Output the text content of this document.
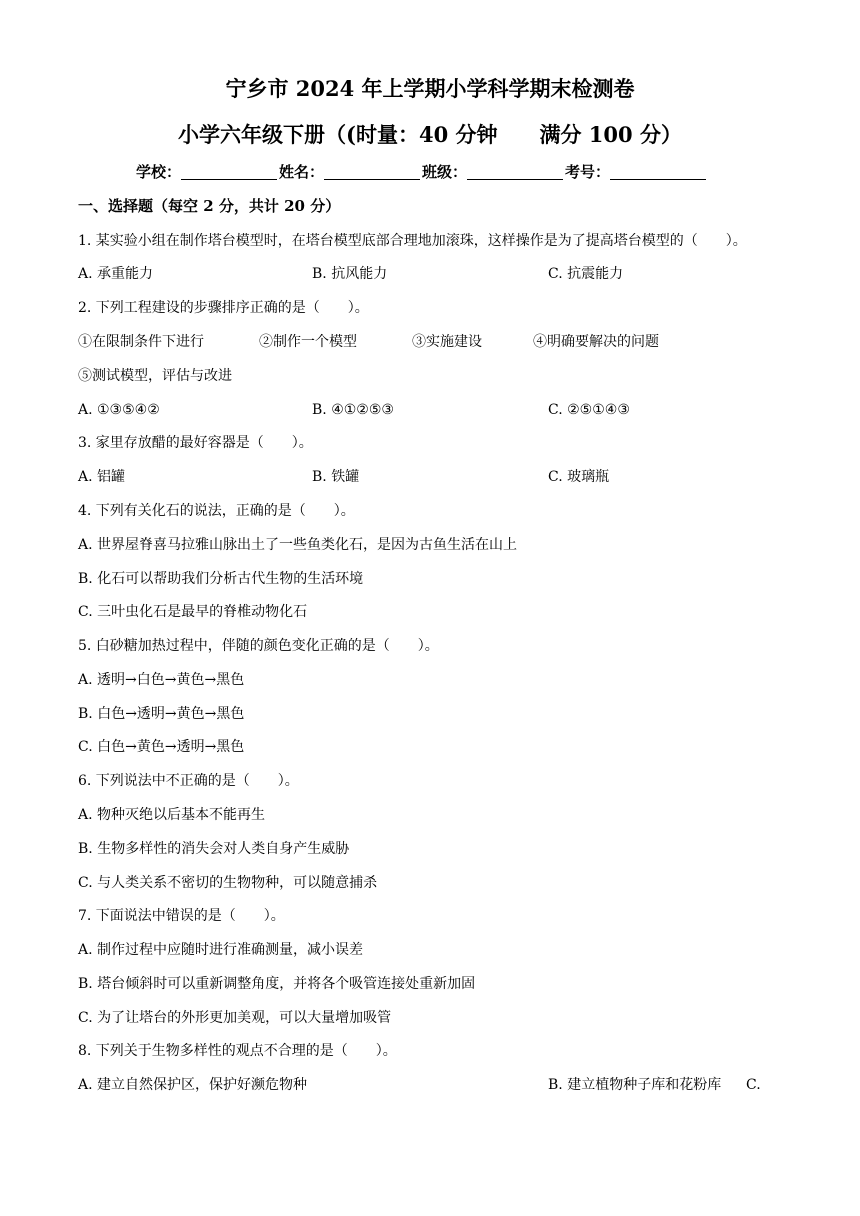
宁乡市 2024 年上学期小学科学期末检测卷
小学六年级下册（(时量：40 分钟　　满分 100 分）
学校：	姓名：	班级：	考号：
一、选择题（每空 2 分，共计 20 分）
1. 某实验小组在制作塔台模型时，在塔台模型底部合理地加滚珠，这样操作是为了提高塔台模型的（　　）。
A. 承重能力	B. 抗风能力	C. 抗震能力
2. 下列工程建设的步骤排序正确的是（　　）。
①在限制条件下进行	②制作一个模型	③实施建设	④明确要解决的问题
⑤测试模型，评估与改进
A. ①③⑤④②	B. ④①②⑤③	C. ②⑤①④③
3. 家里存放醋的最好容器是（　　）。
A. 铝罐	B. 铁罐	C. 玻璃瓶
4. 下列有关化石的说法，正确的是（　　）。
A. 世界屋脊喜马拉雅山脉出土了一些鱼类化石，是因为古鱼生活在山上
B. 化石可以帮助我们分析古代生物的生活环境
C. 三叶虫化石是最早的脊椎动物化石
5. 白砂糖加热过程中，伴随的颜色变化正确的是（　　）。
A. 透明→白色→黄色→黑色
B. 白色→透明→黄色→黑色
C. 白色→黄色→透明→黑色
6. 下列说法中不正确的是（　　）。
A. 物种灭绝以后基本不能再生
B. 生物多样性的消失会对人类自身产生威胁
C. 与人类关系不密切的生物物种，可以随意捕杀
7. 下面说法中错误的是（　　）。
A. 制作过程中应随时进行准确测量，减小误差
B. 塔台倾斜时可以重新调整角度，并将各个吸管连接处重新加固
C. 为了让塔台的外形更加美观，可以大量增加吸管
8. 下列关于生物多样性的观点不合理的是（　　）。
A. 建立自然保护区，保护好濒危物种	B. 建立植物种子库和花粉库 C.
